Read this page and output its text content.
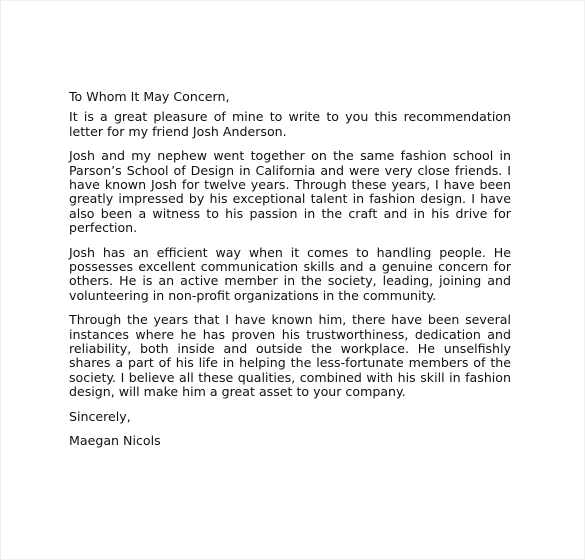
To Whom It May Concern,

It is a great pleasure of mine to write to you this recommendation letter for my friend Josh Anderson.

Josh and my nephew went together on the same fashion school in Parson’s School of Design in California and were very close friends. I have known Josh for twelve years. Through these years, I have been greatly impressed by his exceptional talent in fashion design. I have also been a witness to his passion in the craft and in his drive for perfection.

Josh has an efficient way when it comes to handling people. He possesses excellent communication skills and a genuine concern for others. He is an active member in the society, leading, joining and volunteering in non-profit organizations in the community.

Through the years that I have known him, there have been several instances where he has proven his trustworthiness, dedication and reliability, both inside and outside the workplace. He unselfishly shares a part of his life in helping the less-fortunate members of the society. I believe all these qualities, combined with his skill in fashion design, will make him a great asset to your company.

Sincerely,

Maegan Nicols
